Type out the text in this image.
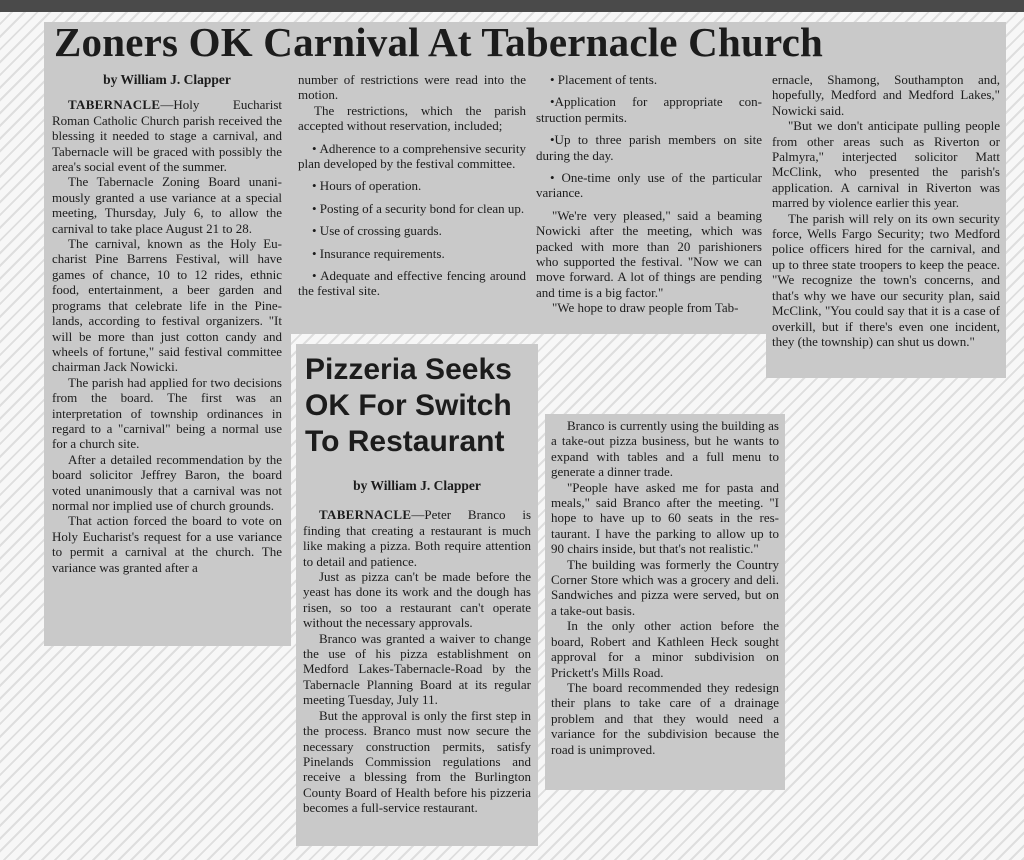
Zoners OK Carnival At Tabernacle Church
by William J. Clapper

TABERNACLE—Holy Eucharist Roman Catholic Church parish received the blessing it needed to stage a carnival, and Tabernacle will be graced with possibly the area's social event of the summer.

The Tabernacle Zoning Board unanimously granted a use variance at a special meeting, Thursday, July 6, to allow the carnival to take place August 21 to 28.

The carnival, known as the Holy Eucharist Pine Barrens Festival, will have games of chance, 10 to 12 rides, ethnic food, entertainment, a beer garden and programs that celebrate life in the Pinelands, according to festival organizers. "It will be more than just cotton candy and wheels of fortune," said festival committee chairman Jack Nowicki.

The parish had applied for two decisions from the board. The first was an interpretation of township ordinances in regard to a "carnival" being a normal use for a church site.

After a detailed recommendation by the board solicitor Jeffrey Baron, the board voted unanimously that a carnival was not normal nor implied use of church grounds.

That action forced the board to vote on Holy Eucharist's request for a use variance to permit a carnival at the church. The variance was granted after a

number of restrictions were read into the motion.

The restrictions, which the parish accepted without reservation, included;

• Adherence to a comprehensive security plan developed by the festival committee.

• Hours of operation.

• Posting of a security bond for clean up.

• Use of crossing guards.

• Insurance requirements.

• Adequate and effective fencing around the festival site.

• Placement of tents.

•Application for appropriate construction permits.

•Up to three parish members on site during the day.

• One-time only use of the particular variance.

"We're very pleased," said a beaming Nowicki after the meeting, which was packed with more than 20 parishioners who supported the festival. "Now we can move forward. A lot of things are pending and time is a big factor."

"We hope to draw people from Tab-

ernacle, Shamong, Southampton and, hopefully, Medford and Medford Lakes," Nowicki said.

"But we don't anticipate pulling people from other areas such as Riverton or Palmyra," interjected solicitor Matt McClink, who presented the parish's application. A carnival in Riverton was marred by violence earlier this year.

The parish will rely on its own security force, Wells Fargo Security; two Medford police officers hired for the carnival, and up to three state troopers to keep the peace. "We recognize the town's concerns, and that's why we have our security plan, said McClink, "You could say that it is a case of overkill, but if there's even one incident, they (the township) can shut us down."

Pizzeria Seeks OK For Switch To Restaurant
by William J. Clapper

TABERNACLE—Peter Branco is finding that creating a restaurant is much like making a pizza. Both require attention to detail and patience.

Just as pizza can't be made before the yeast has done its work and the dough has risen, so too a restaurant can't operate without the necessary approvals.

Branco was granted a waiver to change the use of his pizza establishment on Medford Lakes-Tabernacle-Road by the Tabernacle Planning Board at its regular meeting Tuesday, July 11.

But the approval is only the first step in the process. Branco must now secure the necessary construction permits, satisfy Pinelands Commission regulations and receive a blessing from the Burlington County Board of Health before his pizzeria becomes a full-service restaurant.

Branco is currently using the building as a take-out pizza business, but he wants to expand with tables and a full menu to generate a dinner trade.

"People have asked me for pasta and meals," said Branco after the meeting. "I hope to have up to 60 seats in the restaurant. I have the parking to allow up to 90 chairs inside, but that's not realistic."

The building was formerly the Country Corner Store which was a grocery and deli. Sandwiches and pizza were served, but on a take-out basis.

In the only other action before the board, Robert and Kathleen Heck sought approval for a minor subdivision on Prickett's Mills Road.

The board recommended they redesign their plans to take care of a drainage problem and that they would need a variance for the subdivision because the road is unimproved.
